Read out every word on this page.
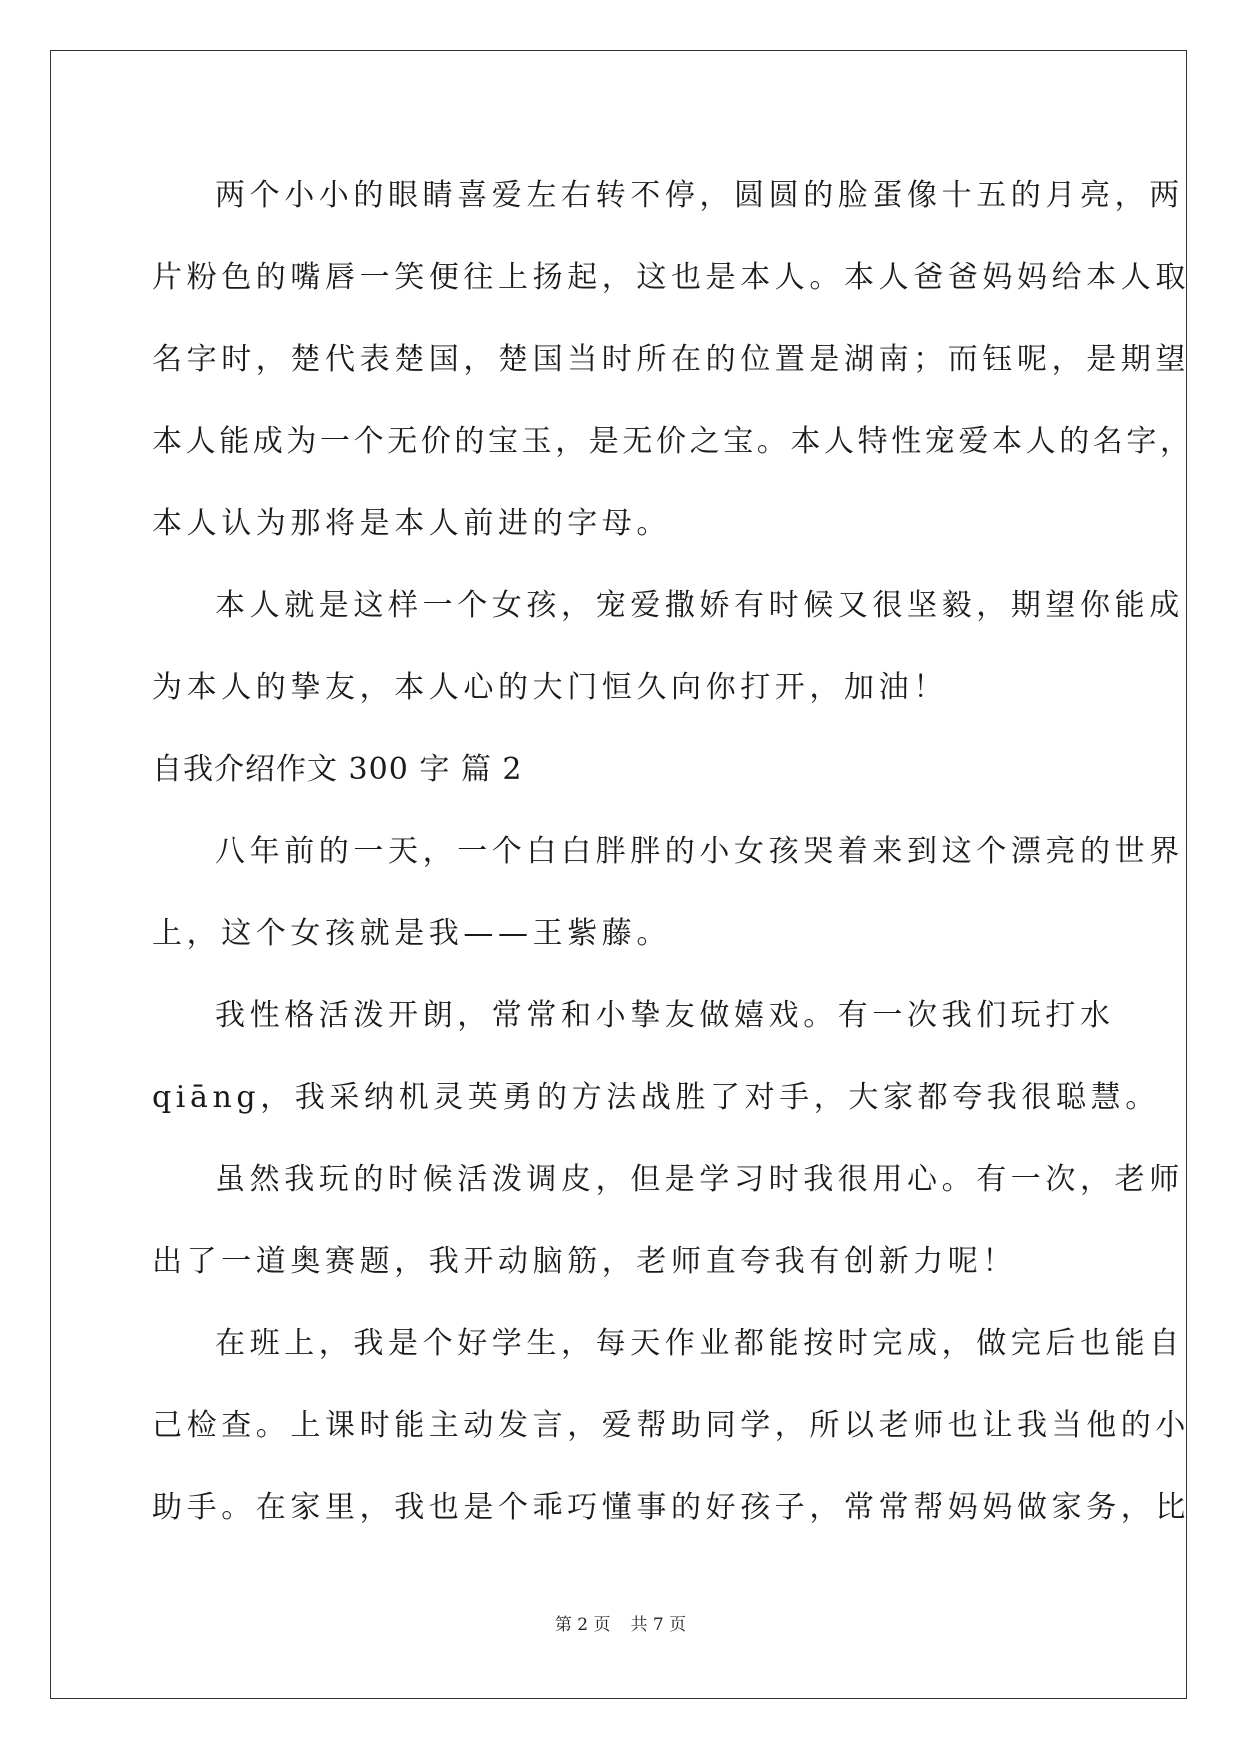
两个小小的眼睛喜爱左右转不停，圆圆的脸蛋像十五的月亮，两
片粉色的嘴唇一笑便往上扬起，这也是本人。本人爸爸妈妈给本人取
名字时，楚代表楚国，楚国当时所在的位置是湖南；而钰呢，是期望
本人能成为一个无价的宝玉，是无价之宝。本人特性宠爱本人的名字，
本人认为那将是本人前进的字母。
本人就是这样一个女孩，宠爱撒娇有时候又很坚毅，期望你能成
为本人的挚友，本人心的大门恒久向你打开，加油！
自我介绍作文 300 字 篇 2
八年前的一天，一个白白胖胖的小女孩哭着来到这个漂亮的世界
上，这个女孩就是我——王紫藤。
我性格活泼开朗，常常和小挚友做嬉戏。有一次我们玩打水
qiāng，我采纳机灵英勇的方法战胜了对手，大家都夸我很聪慧。
虽然我玩的时候活泼调皮，但是学习时我很用心。有一次，老师
出了一道奥赛题，我开动脑筋，老师直夸我有创新力呢！
在班上，我是个好学生，每天作业都能按时完成，做完后也能自
己检查。上课时能主动发言，爱帮助同学，所以老师也让我当他的小
助手。在家里，我也是个乖巧懂事的好孩子，常常帮妈妈做家务，比
第 2 页 共 7 页
